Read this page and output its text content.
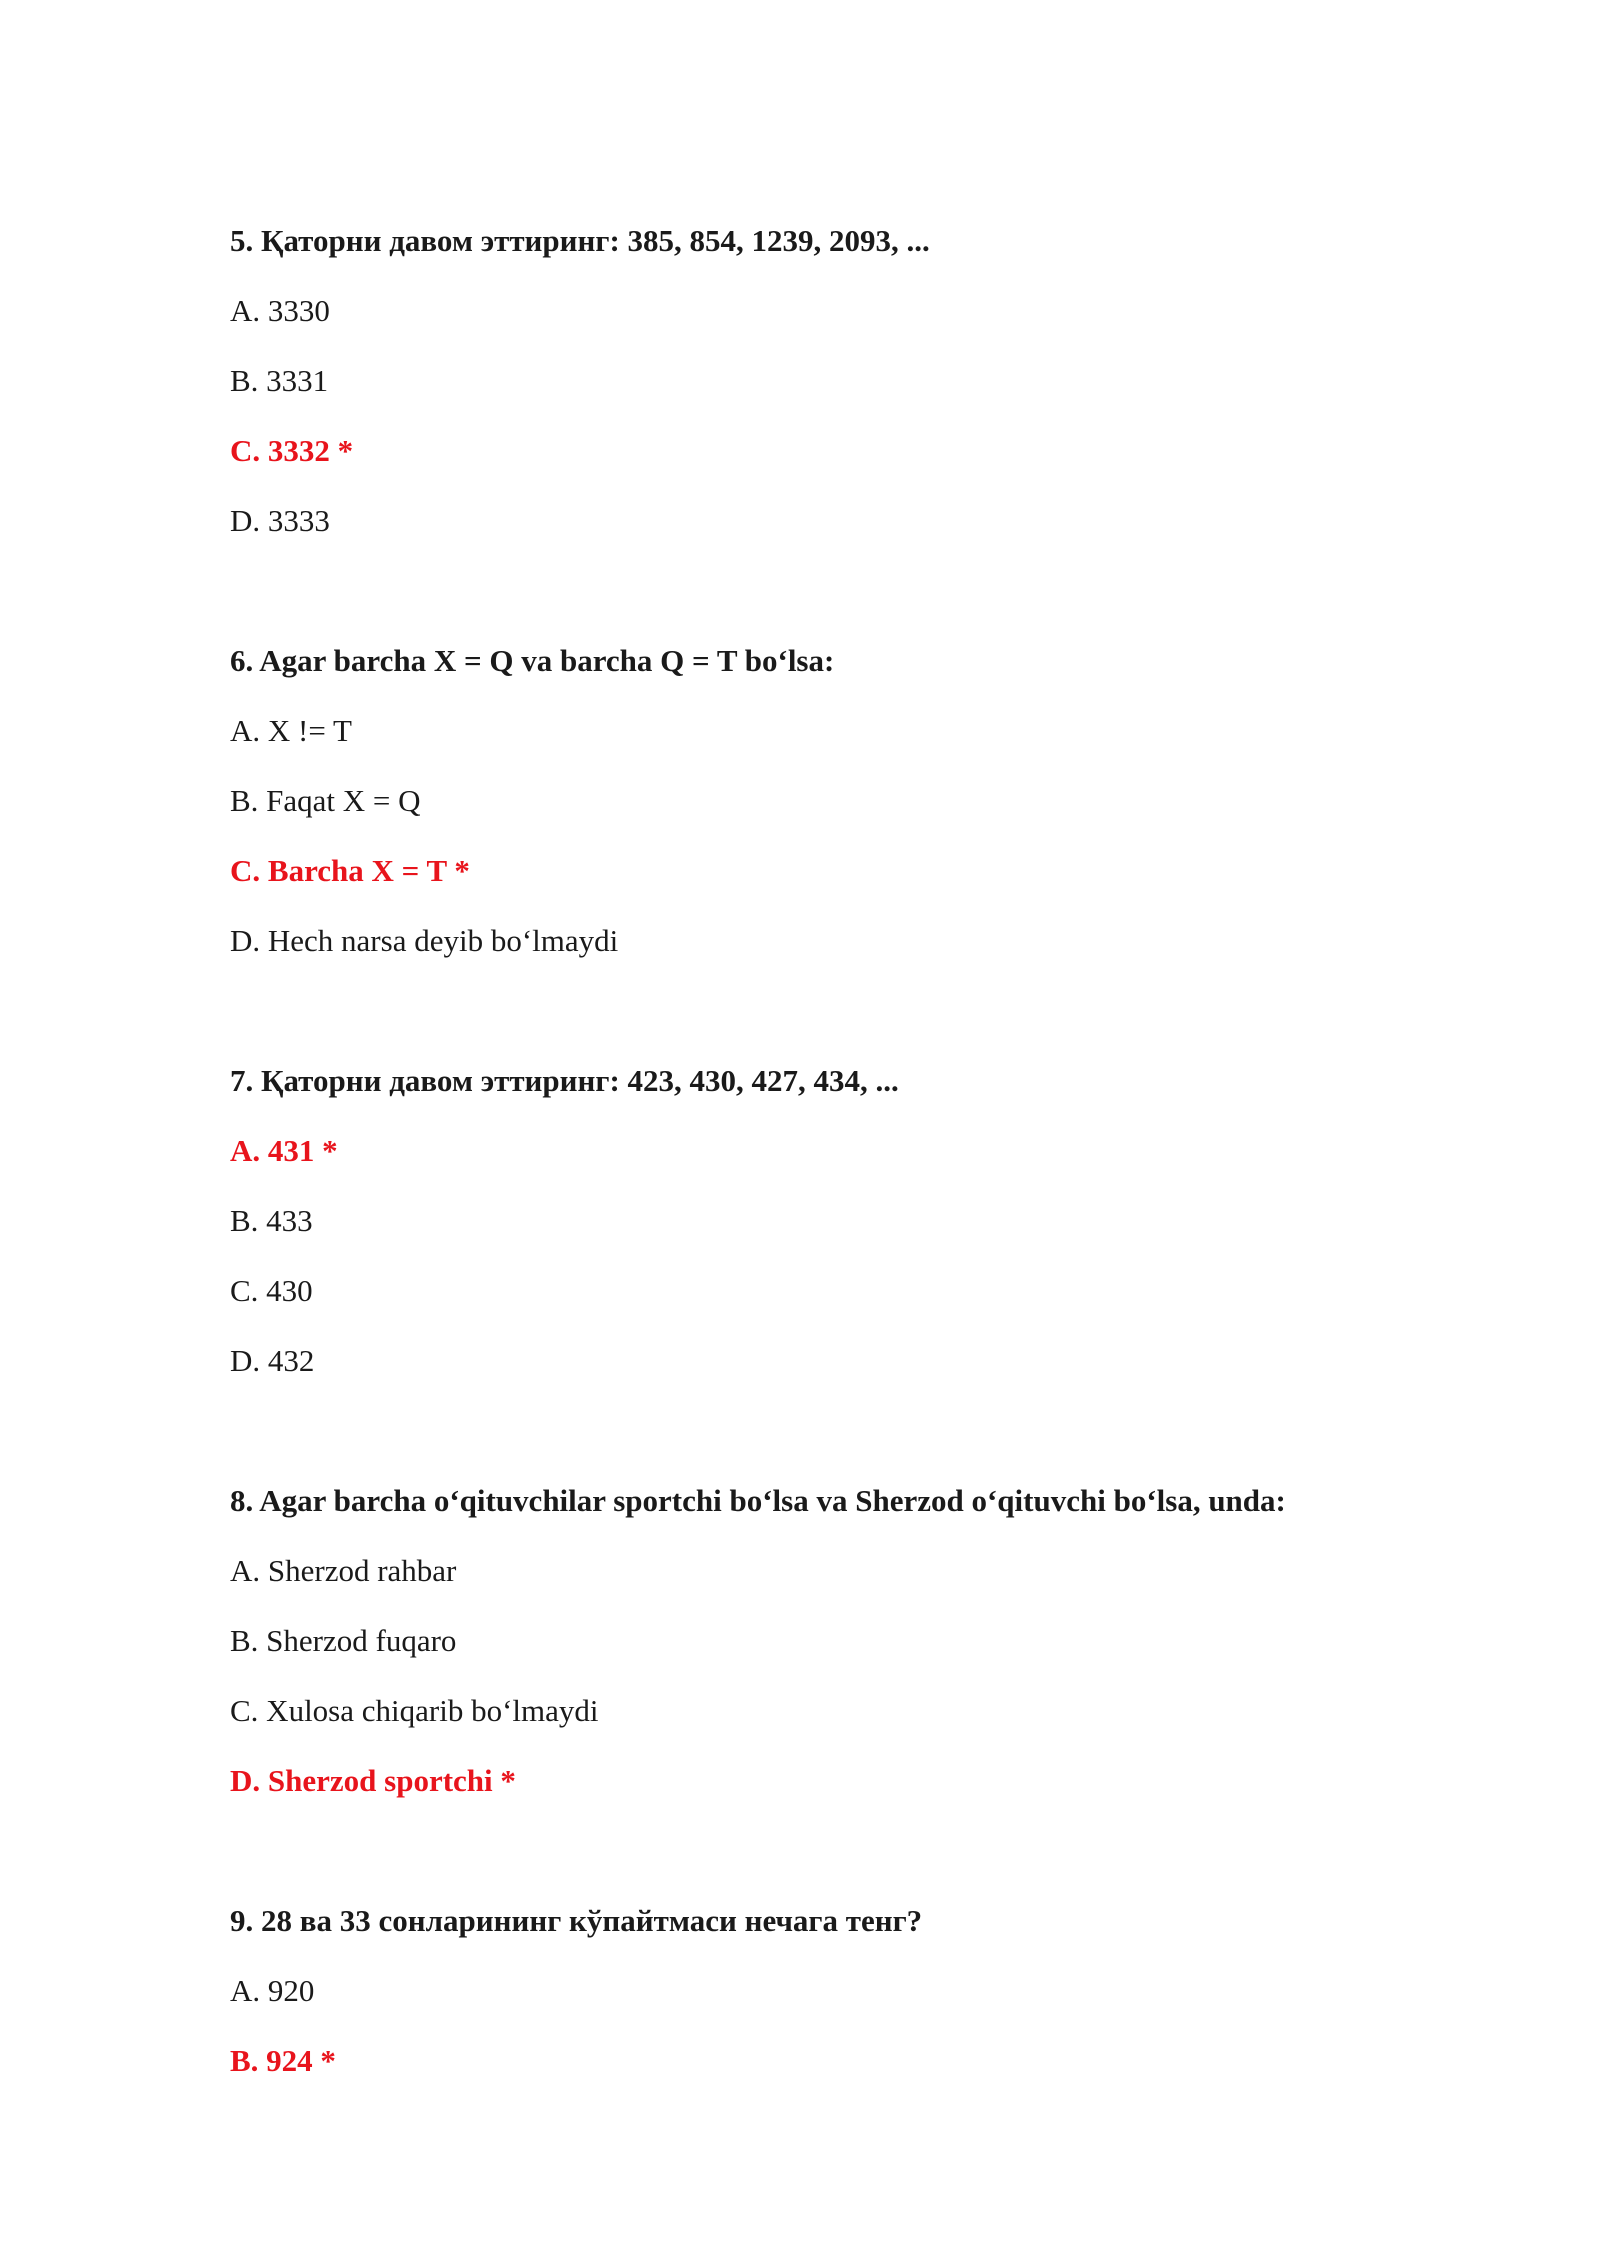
5. Қаторни давом эттиринг: 385, 854, 1239, 2093, ...
A. 3330
B. 3331
C. 3332 *
D. 3333
6. Agar barcha X = Q va barcha Q = T bo‘lsa:
A. X != T
B. Faqat X = Q
C. Barcha X = T *
D. Hech narsa deyib bo‘lmaydi
7. Қаторни давом эттиринг: 423, 430, 427, 434, ...
A. 431 *
B. 433
C. 430
D. 432
8. Agar barcha o‘qituvchilar sportchi bo‘lsa va Sherzod o‘qituvchi bo‘lsa, unda:
A. Sherzod rahbar
B. Sherzod fuqaro
C. Xulosa chiqarib bo‘lmaydi
D. Sherzod sportchi *
9. 28 ва 33 сонларининг кўпайтмаси нечага тенг?
A. 920
B. 924 *
